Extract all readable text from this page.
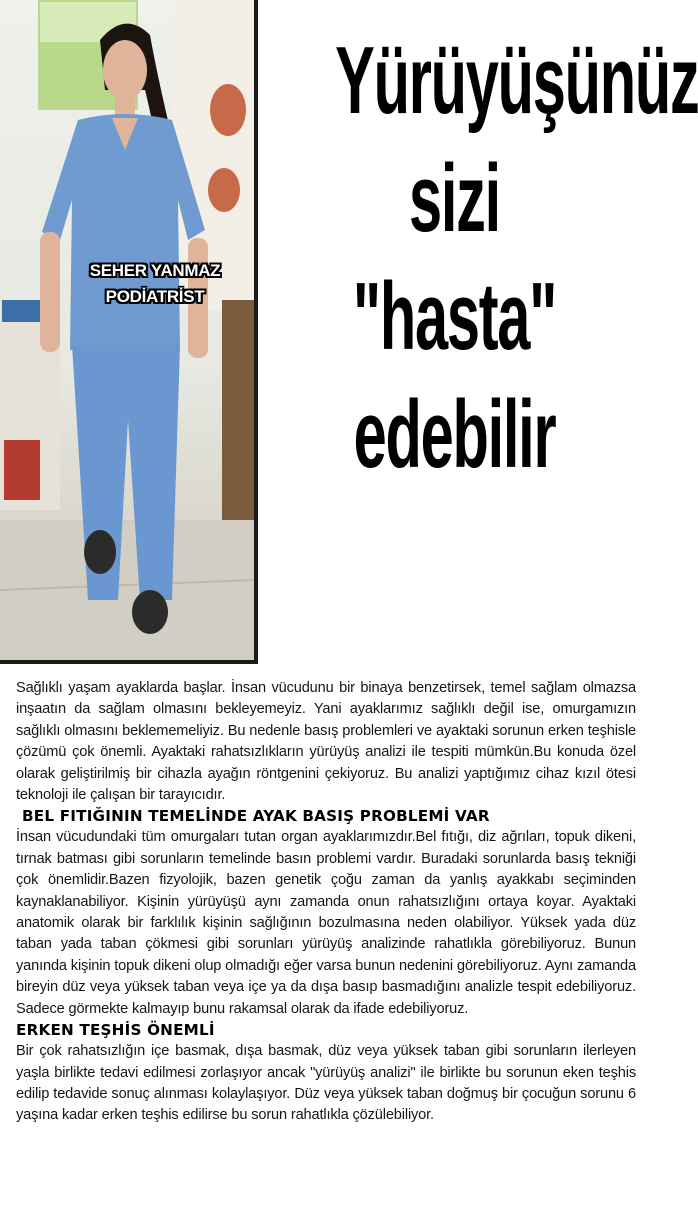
SEHER YANMAZ
PODİATRİST
Yürüyüşünüz
sizi
"hasta"
edebilir

Sağlıklı yaşam ayaklarda başlar. İnsan vücudunu bir binaya benzetirsek, temel sağlam olmazsa inşaatın da sağlam olmasını bekleyemeyiz. Yani ayaklarımız sağlıklı değil ise, omurgamızın sağlıklı olmasını beklememeliyiz. Bu nedenle basış problemleri ve ayaktaki sorunun erken teşhisle çözümü çok önemli. Ayaktaki rahatsızlıkların yürüyüş analizi ile tespiti mümkün.Bu konuda özel olarak geliştirilmiş bir cihazla ayağın röntgenini çekiyoruz. Bu analizi yaptığımız cihaz kızıl ötesi teknoloji ile çalışan bir tarayıcıdır.

BEL FITIĞININ TEMELİNDE AYAK BASIŞ PROBLEMİ VAR

İnsan vücudundaki tüm omurgaları tutan organ ayaklarımızdır.Bel fıtığı, diz ağrıları, topuk dikeni, tırnak batması gibi sorunların temelinde basın problemi vardır. Buradaki sorunlarda basış tekniği çok önemlidir.Bazen fizyolojik, bazen genetik çoğu zaman da yanlış ayakkabı seçiminden kaynaklanabiliyor. Kişinin yürüyüşü aynı zamanda onun rahatsızlığını ortaya koyar. Ayaktaki anatomik olarak bir farklılık kişinin sağlığının bozulmasına neden olabiliyor. Yüksek yada düz taban yada taban çökmesi gibi sorunları yürüyüş analizinde rahatlıkla görebiliyoruz. Bunun yanında kişinin topuk dikeni olup olmadığı eğer varsa bunun nedenini görebiliyoruz. Aynı zamanda bireyin düz veya yüksek taban veya içe ya da dışa basıp basmadığını analizle tespit edebiliyoruz. Sadece görmekte kalmayıp bunu rakamsal olarak da ifade edebiliyoruz.

ERKEN TEŞHİS ÖNEMLİ

Bir çok rahatsızlığın içe basmak, dışa basmak, düz veya yüksek taban gibi sorunların ilerleyen yaşla birlikte tedavi edilmesi zorlaşıyor ancak "yürüyüş analizi" ile birlikte bu sorunun eken teşhis edilip tedavide sonuç alınması kolaylaşıyor. Düz veya yüksek taban doğmuş bir çocuğun sorunu 6 yaşına kadar erken teşhis edilirse bu sorun rahatlıkla çözülebiliyor.
